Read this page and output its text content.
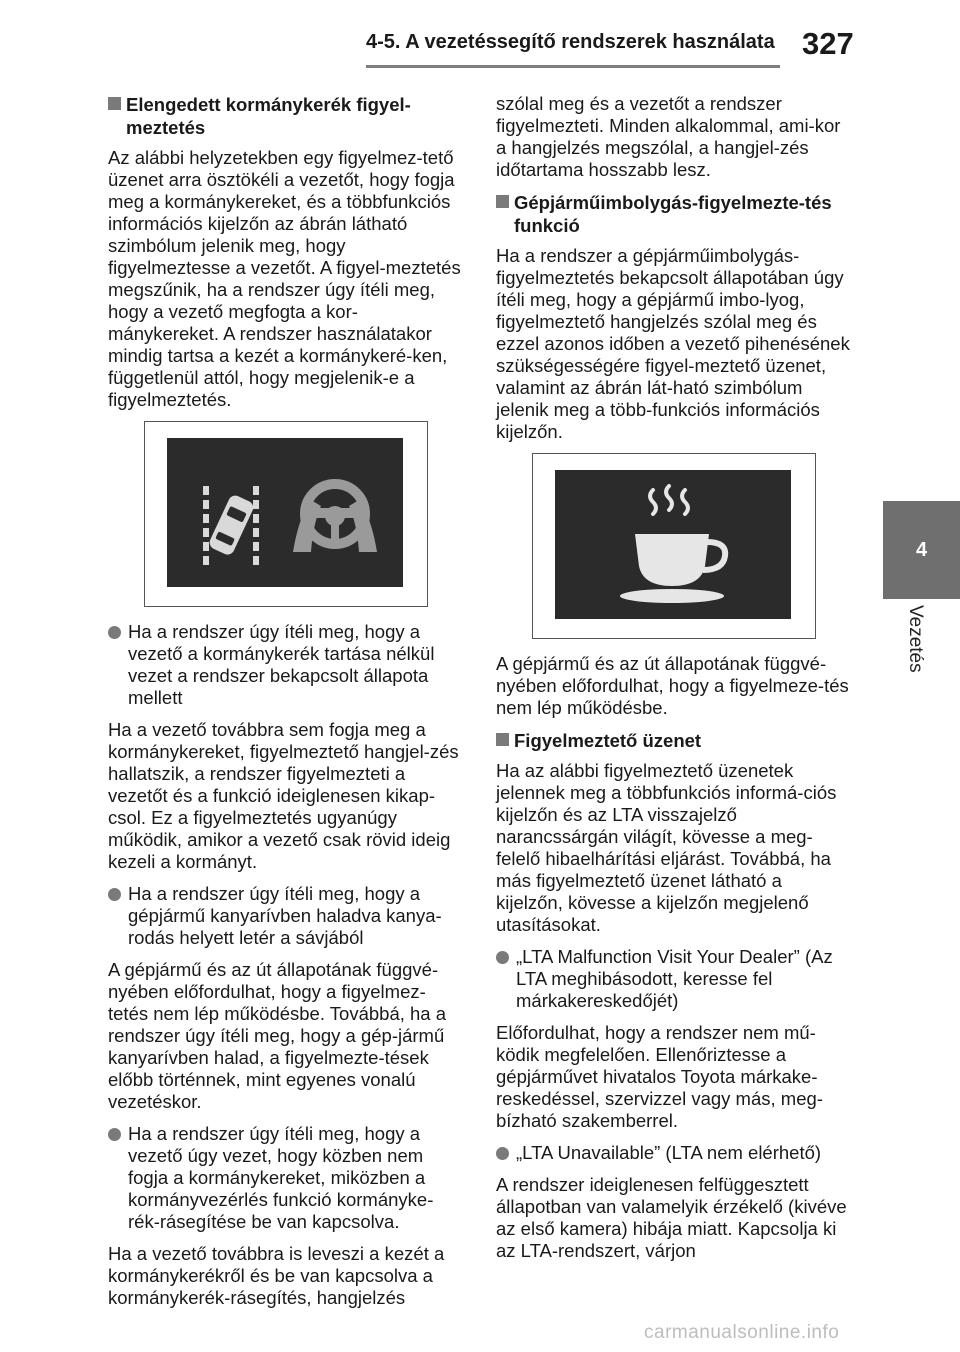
4-5. A vezetéssegítő rendszerek használata 327
4
Vezetés
Elengedett kormánykerék figyel-meztetés

Az alábbi helyzetekben egy figyelmez-tető üzenet arra ösztökéli a vezetőt, hogy fogja meg a kormánykereket, és a többfunkciós információs kijelzőn az ábrán látható szimbólum jelenik meg, hogy figyelmeztesse a vezetőt. A figyel-meztetés megszűnik, ha a rendszer úgy ítéli meg, hogy a vezető megfogta a kor-mánykereket. A rendszer használatakor mindig tartsa a kezét a kormánykeré-ken, függetlenül attól, hogy megjelenik-e a figyelmeztetés.

Ha a rendszer úgy ítéli meg, hogy a vezető a kormánykerék tartása nélkül vezet a rendszer bekapcsolt állapota mellett

Ha a vezető továbbra sem fogja meg a kormánykereket, figyelmeztető hangjel-zés hallatszik, a rendszer figyelmezteti a vezetőt és a funkció ideiglenesen kikap-csol. Ez a figyelmeztetés ugyanúgy működik, amikor a vezető csak rövid ideig kezeli a kormányt.

Ha a rendszer úgy ítéli meg, hogy a gépjármű kanyarívben haladva kanya-rodás helyett letér a sávjából

A gépjármű és az út állapotának függvé-nyében előfordulhat, hogy a figyelmez-tetés nem lép működésbe. Továbbá, ha a rendszer úgy ítéli meg, hogy a gép-jármű kanyarívben halad, a figyelmezte-tések előbb történnek, mint egyenes vonalú vezetéskor.

Ha a rendszer úgy ítéli meg, hogy a vezető úgy vezet, hogy közben nem fogja a kormánykereket, miközben a kormányvezérlés funkció kormányke-rék-rásegítése be van kapcsolva.

Ha a vezető továbbra is leveszi a kezét a kormánykerékről és be van kapcsolva a kormánykerék-rásegítés, hangjelzés

szólal meg és a vezetőt a rendszer figyelmezteti. Minden alkalommal, ami-kor a hangjelzés megszólal, a hangjel-zés időtartama hosszabb lesz.

Gépjárműimbolygás-figyelmezte-tés funkció

Ha a rendszer a gépjárműimbolygás-figyelmeztetés bekapcsolt állapotában úgy ítéli meg, hogy a gépjármű imbo-lyog, figyelmeztető hangjelzés szólal meg és ezzel azonos időben a vezető pihenésének szükségességére figyel-meztető üzenet, valamint az ábrán lát-ható szimbólum jelenik meg a több-funkciós információs kijelzőn.

A gépjármű és az út állapotának függvé-nyében előfordulhat, hogy a figyelmeze-tés nem lép működésbe.

Figyelmeztető üzenet

Ha az alábbi figyelmeztető üzenetek jelennek meg a többfunkciós informá-ciós kijelzőn és az LTA visszajelző narancssárgán világít, kövesse a meg-felelő hibaelhárítási eljárást. Továbbá, ha más figyelmeztető üzenet látható a kijelzőn, kövesse a kijelzőn megjelenő utasításokat.

„LTA Malfunction Visit Your Dealer” (Az LTA meghibásodott, keresse fel márkakereskedőjét)

Előfordulhat, hogy a rendszer nem mű-ködik megfelelően. Ellenőriztesse a gépjárművet hivatalos Toyota márkake-reskedéssel, szervizzel vagy más, meg-bízható szakemberrel.

„LTA Unavailable” (LTA nem elérhető)

A rendszer ideiglenesen felfüggesztett állapotban van valamelyik érzékelő (kivéve az első kamera) hibája miatt. Kapcsolja ki az LTA-rendszert, várjon

carmanualsonline.info
